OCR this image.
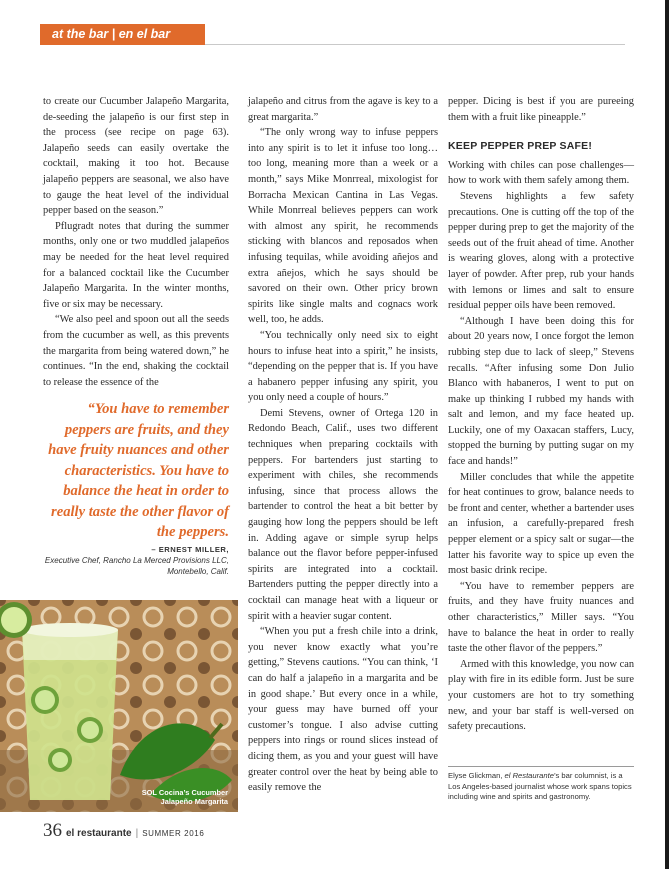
at the bar | en el bar

to create our Cucumber Jalapeño Margarita, de-seeding the jalapeño is our first step in the process (see recipe on page 63). Jalapeño seeds can easily overtake the cocktail, making it too hot. Because jalapeño peppers are seasonal, we also have to gauge the heat level of the individual pepper based on the season.”

Pflugradt notes that during the summer months, only one or two muddled jalapeños may be needed for the heat level required for a balanced cocktail like the Cucumber Jalapeño Margarita. In the winter months, five or six may be necessary.

“We also peel and spoon out all the seeds from the cucumber as well, as this prevents the margarita from being watered down,” he continues. “In the end, shaking the cocktail to release the essence of the

“You have to remember peppers are fruits, and they have fruity nuances and other characteristics. You have to balance the heat in order to really taste the other flavor of the peppers.
– ERNEST MILLER,
Executive Chef, Rancho La Merced Provisions LLC, Montebello, Calif.
SOL Cocina’s Cucumber
Jalapeño Margarita

jalapeño and citrus from the agave is key to a great margarita.”

“The only wrong way to infuse peppers into any spirit is to let it infuse too long… too long, meaning more than a week or a month,” says Mike Monrreal, mixologist for Borracha Mexican Cantina in Las Vegas. While Monrreal believes peppers can work with almost any spirit, he recommends sticking with blancos and reposados when infusing tequilas, while avoiding añejos and extra añejos, which he says should be savored on their own. Other pricy brown spirits like single malts and cognacs work well, too, he adds.

“You technically only need six to eight hours to infuse heat into a spirit,” he insists, “depending on the pepper that is. If you have a habanero pepper infusing any spirit, you you only need a couple of hours.”

Demi Stevens, owner of Ortega 120 in Redondo Beach, Calif., uses two different techniques when preparing cocktails with peppers. For bartenders just starting to experiment with chiles, she recommends infusing, since that process allows the bartender to control the heat a bit better by gauging how long the peppers should be left in. Adding agave or simple syrup helps balance out the flavor before pepper-infused spirits are integrated into a cocktail. Bartenders putting the pepper directly into a cocktail can manage heat with a liqueur or spirit with a heavier sugar content.

“When you put a fresh chile into a drink, you never know exactly what you’re getting,” Stevens cautions. “You can think, ‘I can do half a jalapeño in a margarita and be in good shape.’ But every once in a while, your guess may have burned off your customer’s tongue. I also advise cutting peppers into rings or round slices instead of dicing them, as you and your guest will have greater control over the heat by being able to easily remove the

pepper. Dicing is best if you are pureeing them with a fruit like pineapple.”

KEEP PEPPER PREP SAFE!

Working with chiles can pose challenges—how to work with them safely among them.

Stevens highlights a few safety precautions. One is cutting off the top of the pepper during prep to get the majority of the seeds out of the fruit ahead of time. Another is wearing gloves, along with a protective layer of powder. After prep, rub your hands with lemons or limes and salt to ensure residual pepper oils have been removed.

“Although I have been doing this for about 20 years now, I once forgot the lemon rubbing step due to lack of sleep,” Stevens recalls. “After infusing some Don Julio Blanco with habaneros, I went to put on make up thinking I rubbed my hands with salt and lemon, and my face heated up. Luckily, one of my Oaxacan staffers, Lucy, stopped the burning by putting sugar on my face and hands!”

Miller concludes that while the appetite for heat continues to grow, balance needs to be front and center, whether a bartender uses an infusion, a carefully-prepared fresh pepper element or a spicy salt or sugar—the latter his favorite way to spice up even the most basic drink recipe.

“You have to remember peppers are fruits, and they have fruity nuances and other characteristics,” Miller says. “You have to balance the heat in order to really taste the other flavor of the peppers.”

Armed with this knowledge, you now can play with fire in its edible form. Just be sure your customers are hot to try something new, and your bar staff is well-versed on safety precautions.

Elyse Glickman, el Restaurante’s bar columnist, is a Los Angeles-based journalist whose work spans topics including wine and spirits and gastronomy.
36 el restaurante | SUMMER 2016
